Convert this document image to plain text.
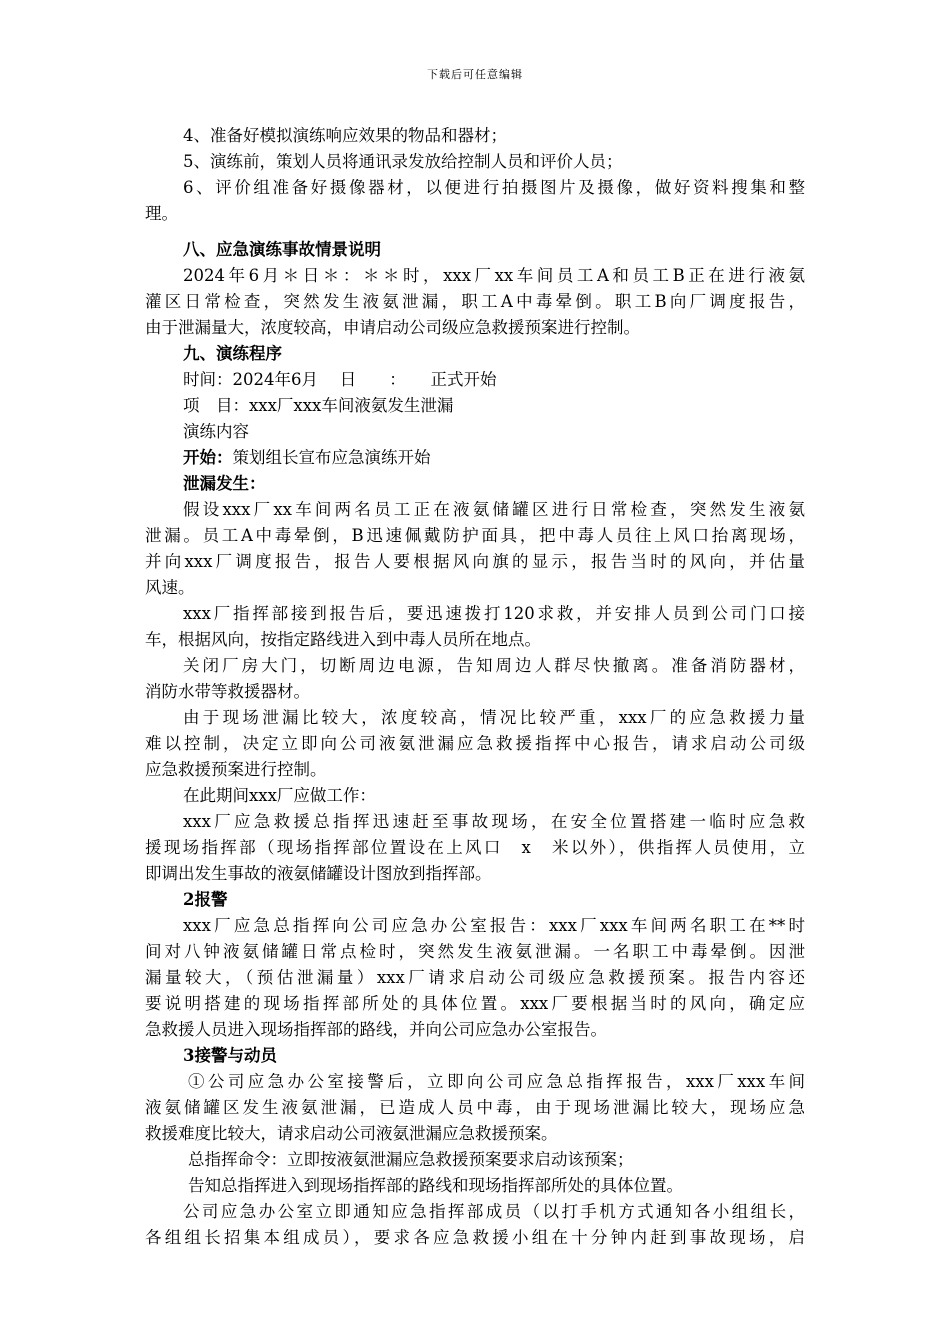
下载后可任意编辑
4、准备好模拟演练响应效果的物品和器材；
5、演练前，策划人员将通讯录发放给控制人员和评价人员；
6、评价组准备好摄像器材，以便进行拍摄图片及摄像，做好资料搜集和整
理。
八、应急演练事故情景说明
2024年6月＊日＊：＊＊时，xxx厂xx车间员工A和员工B正在进行液氨
灌区日常检查，突然发生液氨泄漏，职工A中毒晕倒。职工B向厂调度报告，
由于泄漏量大，浓度较高，申请启动公司级应急救援预案进行控制。
九、演练程序
时间：2024年6月　 日　　：　　正式开始
项　目：xxx厂xxx车间液氨发生泄漏
演练内容
开始：策划组长宣布应急演练开始
泄漏发生：
假设xxx厂xx车间两名员工正在液氨储罐区进行日常检查，突然发生液氨
泄漏。员工A中毒晕倒，B迅速佩戴防护面具，把中毒人员往上风口抬离现场，
并向xxx厂调度报告，报告人要根据风向旗的显示，报告当时的风向，并估量
风速。
xxx厂指挥部接到报告后，要迅速拨打120求救，并安排人员到公司门口接
车，根据风向，按指定路线进入到中毒人员所在地点。
关闭厂房大门，切断周边电源，告知周边人群尽快撤离。准备消防器材，
消防水带等救援器材。
由于现场泄漏比较大，浓度较高，情况比较严重，xxx厂的应急救援力量
难以控制，决定立即向公司液氨泄漏应急救援指挥中心报告，请求启动公司级
应急救援预案进行控制。
在此期间xxx厂应做工作：
xxx厂应急救援总指挥迅速赶至事故现场，在安全位置搭建一临时应急救
援现场指挥部（现场指挥部位置设在上风口　x　米以外），供指挥人员使用，立
即调出发生事故的液氨储罐设计图放到指挥部。
2报警
xxx厂应急总指挥向公司应急办公室报告：xxx厂xxx车间两名职工在**时
间对八钟液氨储罐日常点检时，突然发生液氨泄漏。一名职工中毒晕倒。因泄
漏量较大，（预估泄漏量）xxx厂请求启动公司级应急救援预案。报告内容还
要说明搭建的现场指挥部所处的具体位置。xxx厂要根据当时的风向，确定应
急救援人员进入现场指挥部的路线，并向公司应急办公室报告。
3接警与动员
①公司应急办公室接警后，立即向公司应急总指挥报告，xxx厂xxx车间
液氨储罐区发生液氨泄漏，已造成人员中毒，由于现场泄漏比较大，现场应急
救援难度比较大，请求启动公司液氨泄漏应急救援预案。
总指挥命令：立即按液氨泄漏应急救援预案要求启动该预案；
告知总指挥进入到现场指挥部的路线和现场指挥部所处的具体位置。
公司应急办公室立即通知应急指挥部成员（以打手机方式通知各小组组长，
各组组长招集本组成员），要求各应急救援小组在十分钟内赶到事故现场，启
